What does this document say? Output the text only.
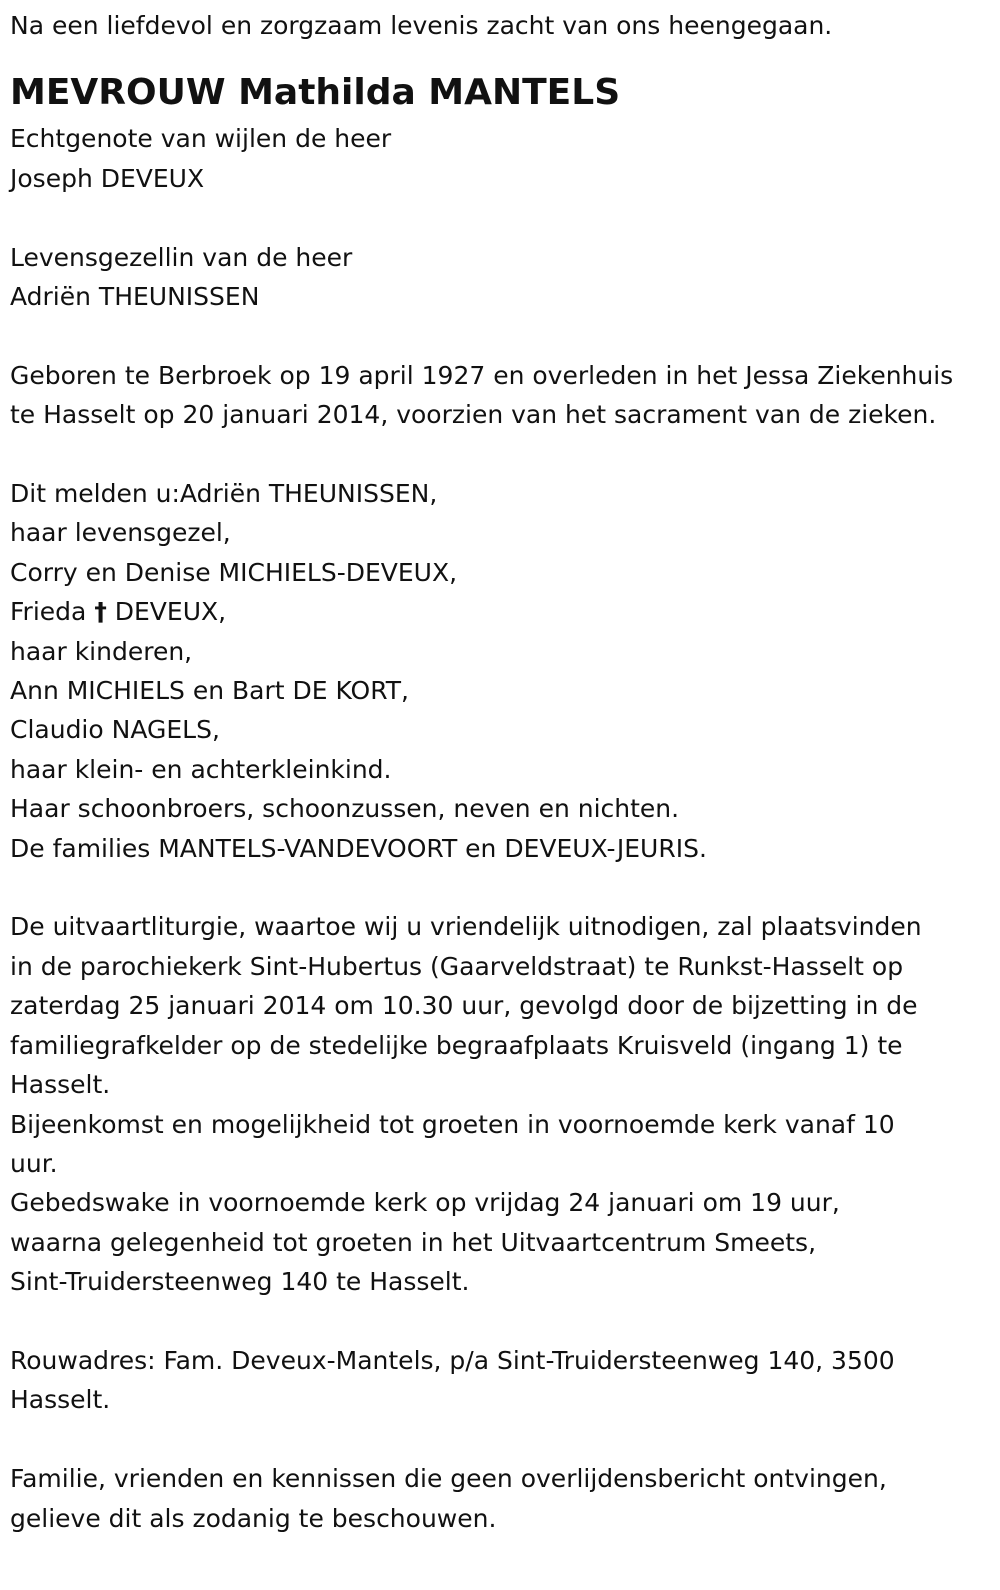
Na een liefdevol en zorgzaam levenis zacht van ons heengegaan.

MEVROUW Mathilda MANTELS

Echtgenote van wijlen de heer

Joseph DEVEUX

Levensgezellin van de heer

Adriën THEUNISSEN

Geboren te Berbroek op 19 april 1927 en overleden in het Jessa Ziekenhuis

te Hasselt op 20 januari 2014, voorzien van het sacrament van de zieken.

Dit melden u:Adriën THEUNISSEN,

haar levensgezel,

Corry en Denise MICHIELS-DEVEUX,

Frieda † DEVEUX,

haar kinderen,

Ann MICHIELS en Bart DE KORT,

Claudio NAGELS,

haar klein- en achterkleinkind.

Haar schoonbroers, schoonzussen, neven en nichten.

De families MANTELS-VANDEVOORT en DEVEUX-JEURIS.

De uitvaartliturgie, waartoe wij u vriendelijk uitnodigen, zal plaatsvinden

in de parochiekerk Sint-Hubertus (Gaarveldstraat) te Runkst-Hasselt op

zaterdag 25 januari 2014 om 10.30 uur, gevolgd door de bijzetting in de

familiegrafkelder op de stedelijke begraafplaats Kruisveld (ingang 1) te

Hasselt.

Bijeenkomst en mogelijkheid tot groeten in voornoemde kerk vanaf 10

uur.

Gebedswake in voornoemde kerk op vrijdag 24 januari om 19 uur,

waarna gelegenheid tot groeten in het Uitvaartcentrum Smeets,

Sint-Truidersteenweg 140 te Hasselt.

Rouwadres: Fam. Deveux-Mantels, p/a Sint-Truidersteenweg 140, 3500

Hasselt.

Familie, vrienden en kennissen die geen overlijdensbericht ontvingen,

gelieve dit als zodanig te beschouwen.
